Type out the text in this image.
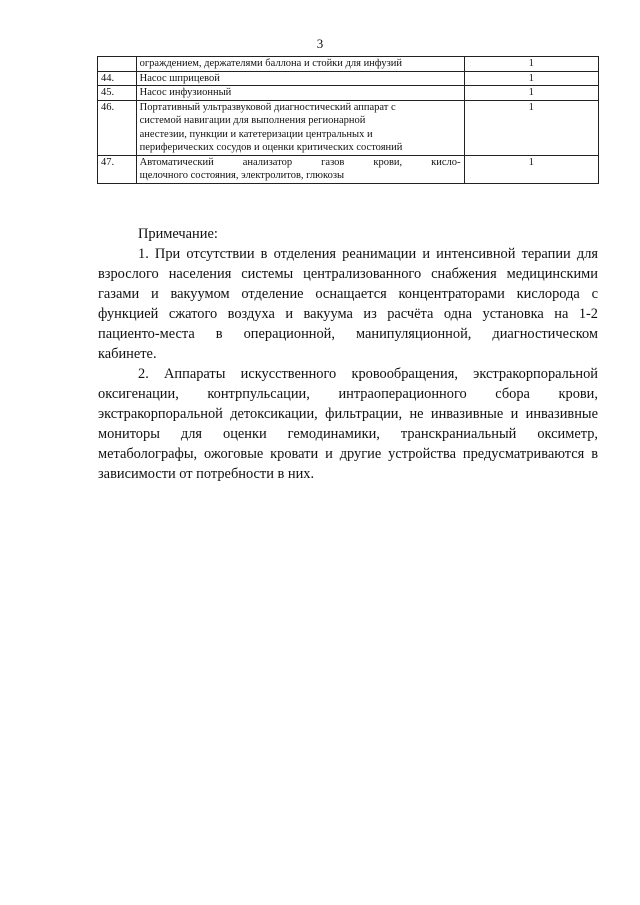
3

	ограждением, держателями баллона и стойки для инфузий	1
44.	Насос шприцевой	1
45.	Насос инфузионный	1
46.	Портативный ультразвуковой диагностический аппарат с
системой навигации для выполнения регионарной
анестезии, пункции и катетеризации центральных и
периферических сосудов и оценки критических состояний	1
47.	Автоматический анализатор газов крови, кисло-
щелочного состояния, электролитов, глюкозы	1
Примечание:

1. При отсутствии в отделения реанимации и интенсивной терапии для
взрослого населения системы централизованного снабжения медицинскими
газами и вакуумом отделение оснащается концентраторами кислорода с
функцией сжатого воздуха и вакуума из расчёта одна установка на 1-2
пациенто-места в операционной, манипуляционной, диагностическом
кабинете.

2. Аппараты искусственного кровообращения, экстракорпоральной
оксигенации, контрпульсации, интраоперационного сбора крови,
экстракорпоральной детоксикации, фильтрации, не инвазивные и инвазивные
мониторы для оценки гемодинамики, транскраниальный оксиметр,
метаболографы, ожоговые кровати и другие устройства предусматриваются в
зависимости от потребности в них.
